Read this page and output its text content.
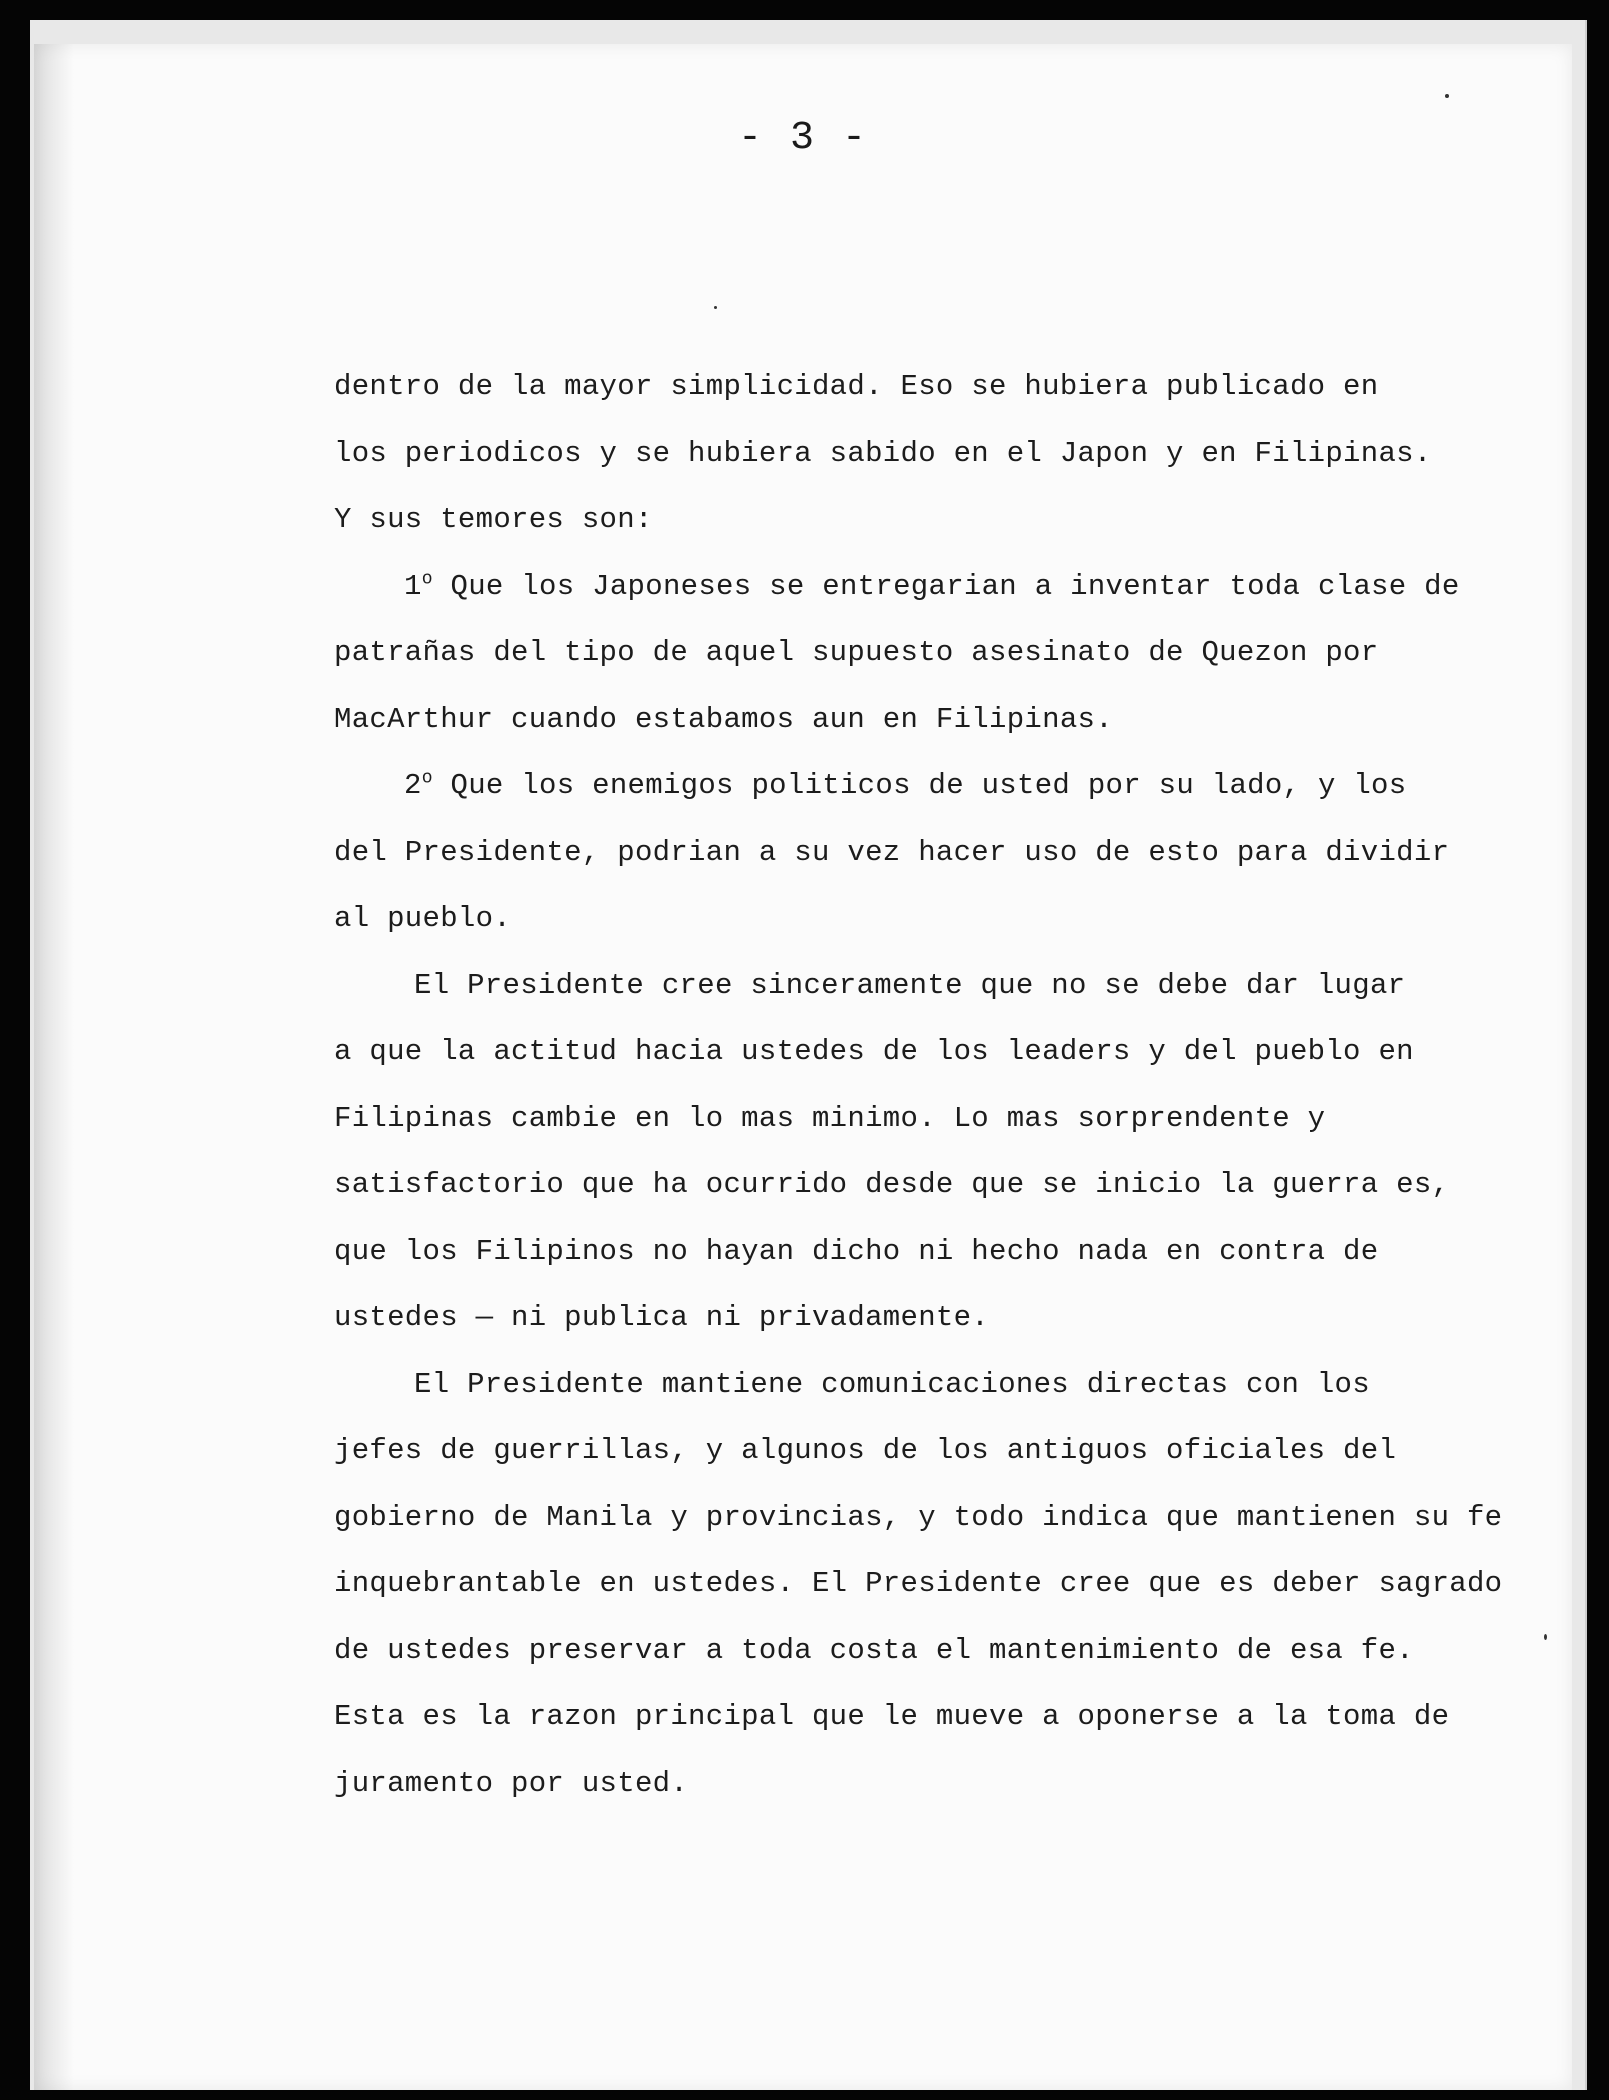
- 3 -

dentro de la mayor simplicidad. Eso se hubiera publicado en

los periodicos y se hubiera sabido en el Japon y en Filipinas.

Y sus temores son:

1$^o$ Que los Japoneses se entregarian a inventar toda clase de

patrañas del tipo de aquel supuesto asesinato de Quezon por

MacArthur cuando estabamos aun en Filipinas.

2$^o$ Que los enemigos politicos de usted por su lado, y los

del Presidente, podrian a su vez hacer uso de esto para dividir

al pueblo.

El Presidente cree sinceramente que no se debe dar lugar

a que la actitud hacia ustedes de los leaders y del pueblo en

Filipinas cambie en lo mas minimo. Lo mas sorprendente y

satisfactorio que ha ocurrido desde que se inicio la guerra es,

que los Filipinos no hayan dicho ni hecho nada en contra de

ustedes — ni publica ni privadamente.

El Presidente mantiene comunicaciones directas con los

jefes de guerrillas, y algunos de los antiguos oficiales del

gobierno de Manila y provincias, y todo indica que mantienen su fe

inquebrantable en ustedes. El Presidente cree que es deber sagrado

de ustedes preservar a toda costa el mantenimiento de esa fe.

Esta es la razon principal que le mueve a oponerse a la toma de

juramento por usted.
